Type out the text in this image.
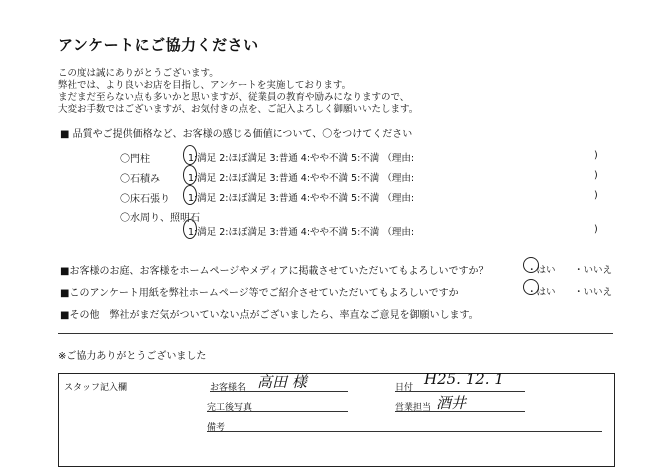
アンケートにご協力ください
この度は誠にありがとうございます。
弊社では、より良いお店を目指し、アンケートを実施しております。
まだまだ至らない点も多いかと思いますが、従業員の教育や励みになりますので、
大変お手数ではございますが、お気付きの点を、ご記入よろしく御願いいたします。
■ 品質やご提供価格など、お客様の感じる価値について、〇をつけてください
〇門柱	1:満足 2:ほぼ満足 3:普通 4:やや不満 5:不満 （理由:	)
〇石積み	1:満足 2:ほぼ満足 3:普通 4:やや不満 5:不満 （理由:	)
〇床石張り 1:満足 2:ほぼ満足 3:普通 4:やや不満 5:不満 （理由:	)
〇水周り、照明石
1:満足 2:ほぼ満足 3:普通 4:やや不満 5:不満 （理由:	)
■お客様のお庭、お客様をホームページやメディアに掲載させていただいてもよろしいですか？	・はい ・いいえ
■このアンケート用紙を弊社ホームページ等でご紹介させていただいてもよろしいですか	・はい ・いいえ
■その他　弊社がまだ気がついていない点がございましたら、率直なご意見を御願いします。
※ご協力ありがとうございました
スタッフ記入欄	お客様名 高田 様	日付 H25. 12. 1
完工後写真	営業担当 酒井
備考
